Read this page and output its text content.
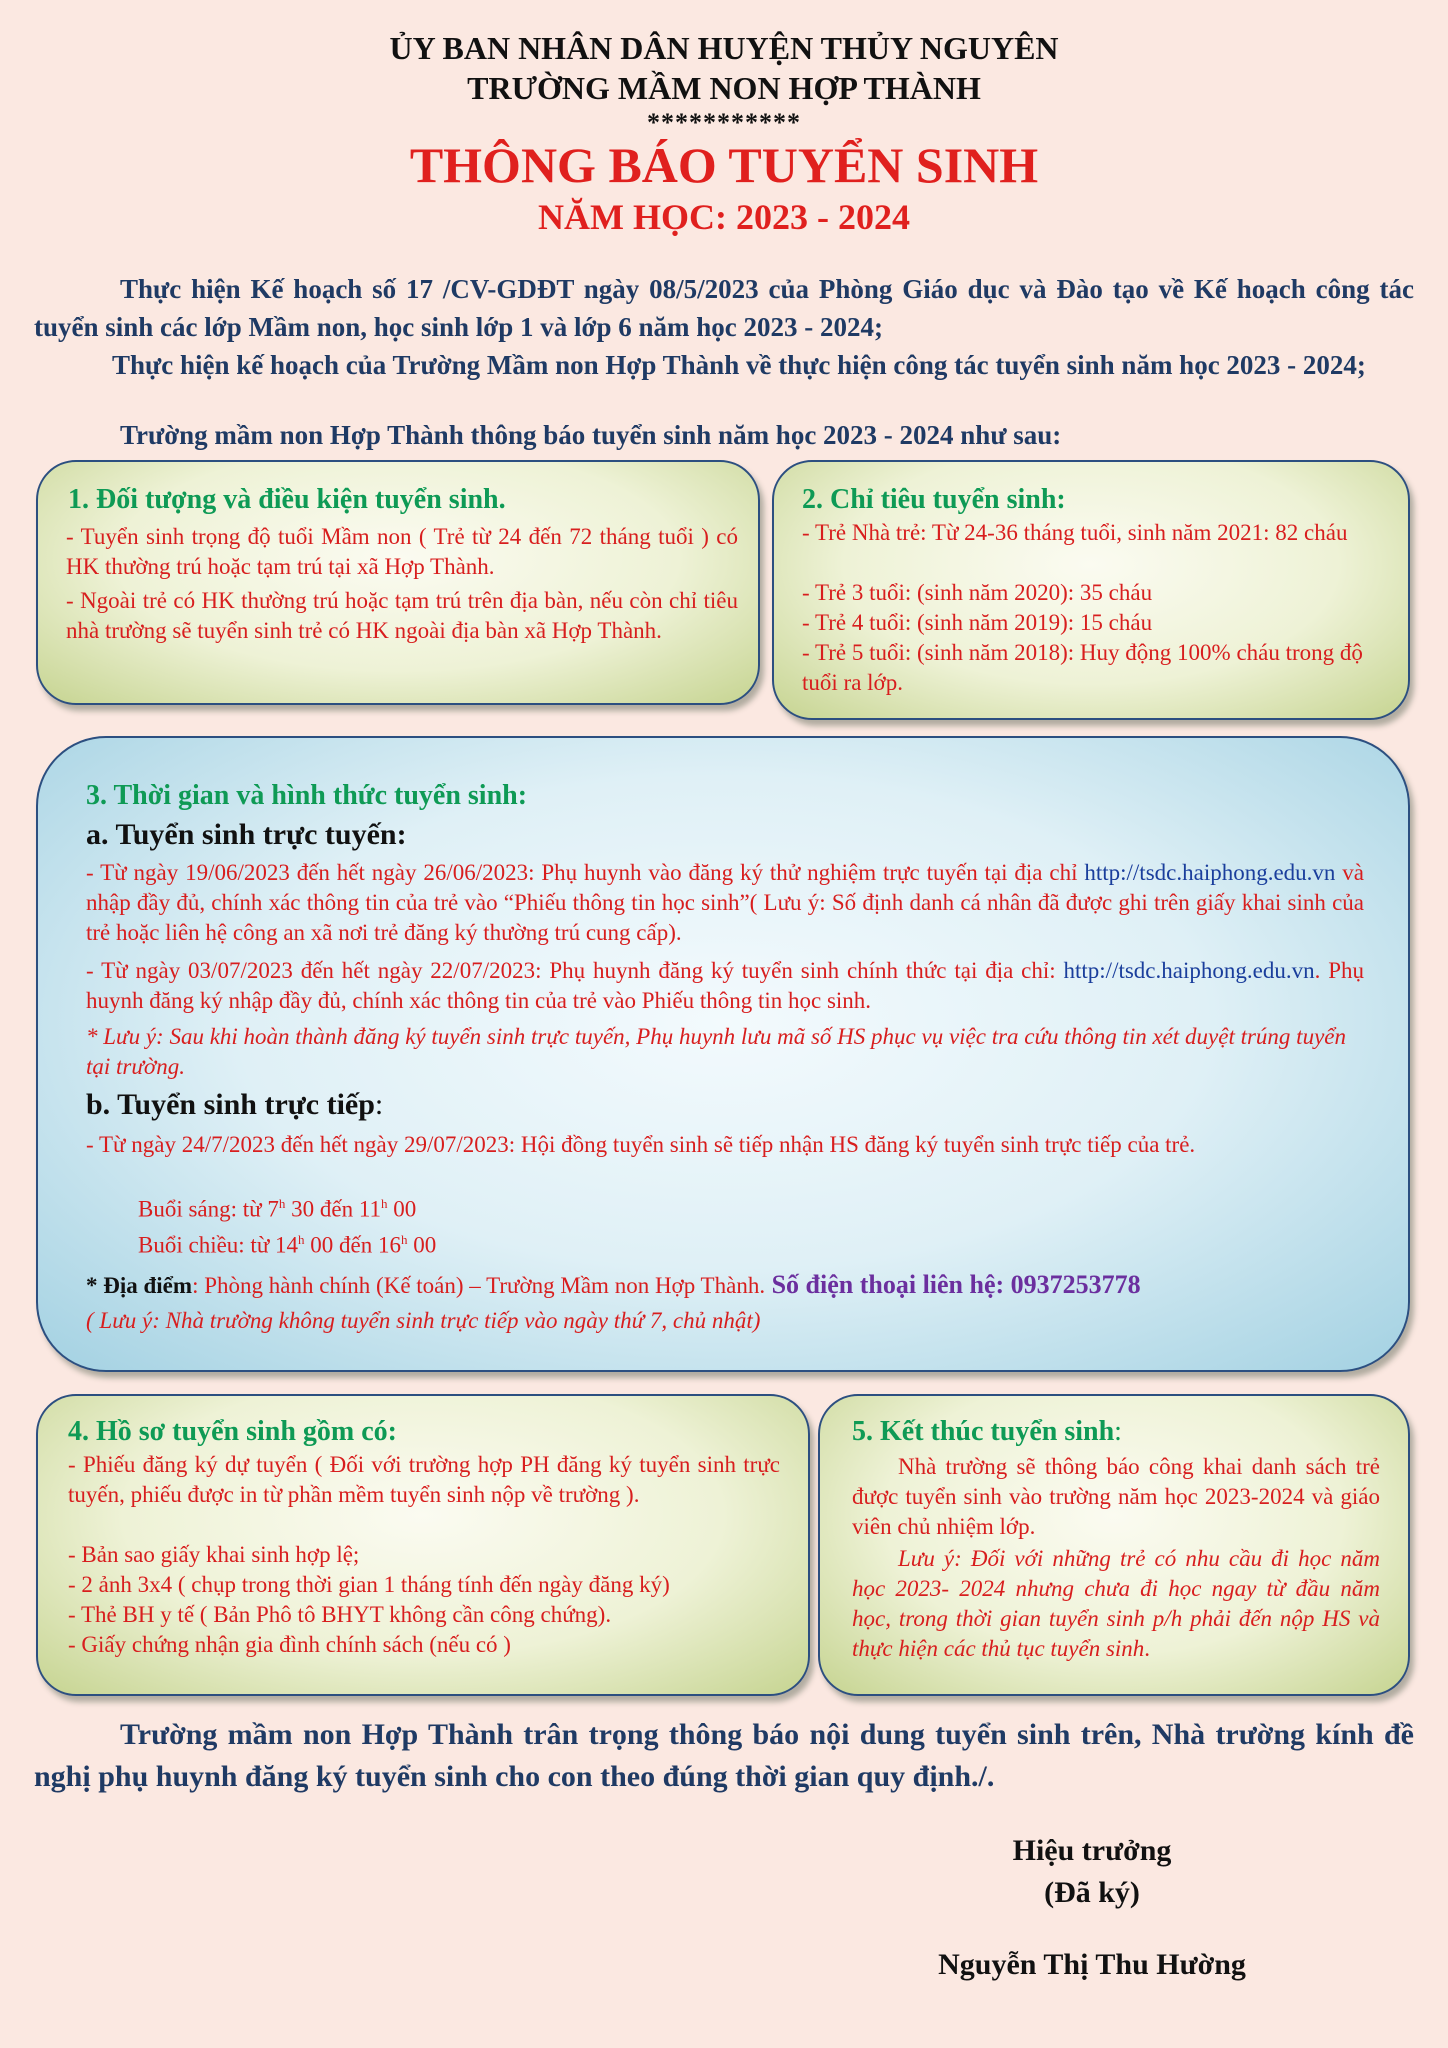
ỦY BAN NHÂN DÂN HUYỆN THỦY NGUYÊN
TRƯỜNG MẦM NON HỢP THÀNH
***********
THÔNG BÁO TUYỂN SINH
NĂM HỌC: 2023 - 2024
Thực hiện Kế hoạch số 17 /CV-GDĐT ngày 08/5/2023 của Phòng Giáo dục và Đào tạo về Kế hoạch công tác tuyển sinh các lớp Mầm non, học sinh lớp 1 và lớp 6 năm học 2023 - 2024;
Thực hiện kế hoạch của Trường Mầm non Hợp Thành về thực hiện công tác tuyển sinh năm học 2023 - 2024;
Trường mầm non Hợp Thành thông báo tuyển sinh năm học 2023 - 2024 như sau:
1. Đối tượng và điều kiện tuyển sinh.
- Tuyển sinh trọng độ tuổi Mầm non ( Trẻ từ 24 đến 72 tháng tuổi ) có HK thường trú hoặc tạm trú tại xã Hợp Thành.
- Ngoài trẻ có HK thường trú hoặc tạm trú trên địa bàn, nếu còn chỉ tiêu nhà trường sẽ tuyển sinh trẻ có HK ngoài địa bàn xã Hợp Thành.
2. Chỉ tiêu tuyển sinh:
- Trẻ Nhà trẻ: Từ 24-36 tháng tuổi, sinh năm 2021: 82 cháu
- Trẻ 3 tuổi: (sinh năm 2020): 35 cháu
- Trẻ 4 tuổi: (sinh năm 2019): 15 cháu
- Trẻ 5 tuổi: (sinh năm 2018): Huy động 100% cháu trong độ tuổi ra lớp.
3. Thời gian và hình thức tuyển sinh:
a. Tuyển sinh trực tuyến:
- Từ ngày 19/06/2023 đến hết ngày 26/06/2023: Phụ huynh vào đăng ký thử nghiệm trực tuyến tại địa chỉ http://tsdc.haiphong.edu.vn và nhập đầy đủ, chính xác thông tin của trẻ vào “Phiếu thông tin học sinh”( Lưu ý: Số định danh cá nhân đã được ghi trên giấy khai sinh của trẻ hoặc liên hệ công an xã nơi trẻ đăng ký thường trú cung cấp).
- Từ ngày 03/07/2023 đến hết ngày 22/07/2023: Phụ huynh đăng ký tuyển sinh chính thức tại địa chỉ: http://tsdc.haiphong.edu.vn. Phụ huynh đăng ký nhập đầy đủ, chính xác thông tin của trẻ vào Phiếu thông tin học sinh.
* Lưu ý: Sau khi hoàn thành đăng ký tuyển sinh trực tuyến, Phụ huynh lưu mã số HS phục vụ việc tra cứu thông tin xét duyệt trúng tuyển tại trường.
b. Tuyển sinh trực tiếp:
- Từ ngày 24/7/2023 đến hết ngày 29/07/2023: Hội đồng tuyển sinh sẽ tiếp nhận HS đăng ký tuyển sinh trực tiếp của trẻ.
Buổi sáng: từ 7$^h$ 30 đến 11$^h$ 00
Buổi chiều: từ 14$^h$ 00 đến 16$^h$ 00
* Địa điểm: Phòng hành chính (Kế toán) – Trường Mầm non Hợp Thành. Số điện thoại liên hệ: 0937253778
( Lưu ý: Nhà trường không tuyển sinh trực tiếp vào ngày thứ 7, chủ nhật)
4. Hồ sơ tuyển sinh gồm có:
- Phiếu đăng ký dự tuyển ( Đối với trường hợp PH đăng ký tuyển sinh trực tuyến, phiếu được in từ phần mềm tuyển sinh nộp về trường ).
- Bản sao giấy khai sinh hợp lệ;
- 2 ảnh 3x4 ( chụp trong thời gian 1 tháng tính đến ngày đăng ký)
- Thẻ BH y tế ( Bản Phô tô BHYT không cần công chứng).
- Giấy chứng nhận gia đình chính sách (nếu có )
5. Kết thúc tuyển sinh:
Nhà trường sẽ thông báo công khai danh sách trẻ được tuyển sinh vào trường năm học 2023-2024 và giáo viên chủ nhiệm lớp.
Lưu ý: Đối với những trẻ có nhu cầu đi học năm học 2023- 2024 nhưng chưa đi học ngay từ đầu năm học, trong thời gian tuyển sinh p/h phải đến nộp HS và thực hiện các thủ tục tuyển sinh.
Trường mầm non Hợp Thành trân trọng thông báo nội dung tuyển sinh trên, Nhà trường kính đề nghị phụ huynh đăng ký tuyển sinh cho con theo đúng thời gian quy định./.
Hiệu trưởng
(Đã ký)
Nguyễn Thị Thu Hường
